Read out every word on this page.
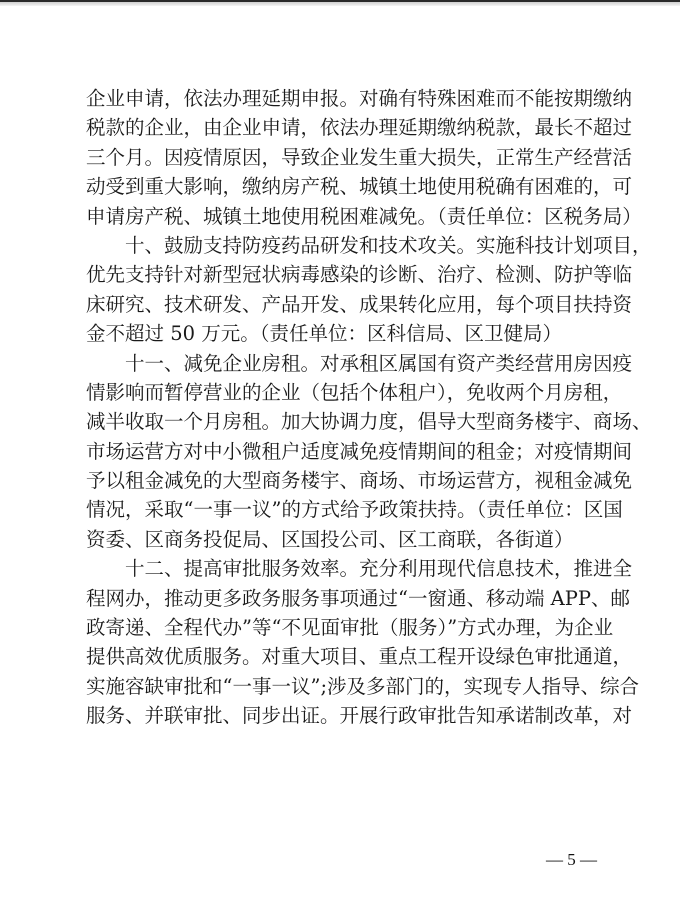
企业申请，依法办理延期申报。对确有特殊困难而不能按期缴纳
税款的企业，由企业申请，依法办理延期缴纳税款，最长不超过
三个月。因疫情原因，导致企业发生重大损失，正常生产经营活
动受到重大影响，缴纳房产税、城镇土地使用税确有困难的，可
申请房产税、城镇土地使用税困难减免。（责任单位：区税务局）
　　十、鼓励支持防疫药品研发和技术攻关。实施科技计划项目，
优先支持针对新型冠状病毒感染的诊断、治疗、检测、防护等临
床研究、技术研发、产品开发、成果转化应用，每个项目扶持资
金不超过 50 万元。（责任单位：区科信局、区卫健局）
　　十一、减免企业房租。对承租区属国有资产类经营用房因疫
情影响而暂停营业的企业（包括个体租户），免收两个月房租，
减半收取一个月房租。加大协调力度，倡导大型商务楼宇、商场、
市场运营方对中小微租户适度减免疫情期间的租金；对疫情期间
予以租金减免的大型商务楼宇、商场、市场运营方，视租金减免
情况，采取“一事一议”的方式给予政策扶持。（责任单位：区国
资委、区商务投促局、区国投公司、区工商联，各街道）
　　十二、提高审批服务效率。充分利用现代信息技术，推进全
程网办，推动更多政务服务事项通过“一窗通、移动端 APP、邮
政寄递、全程代办”等“不见面审批（服务）”方式办理，为企业
提供高效优质服务。对重大项目、重点工程开设绿色审批通道，
实施容缺审批和“一事一议”;涉及多部门的，实现专人指导、综合
服务、并联审批、同步出证。开展行政审批告知承诺制改革，对
— 5 —
